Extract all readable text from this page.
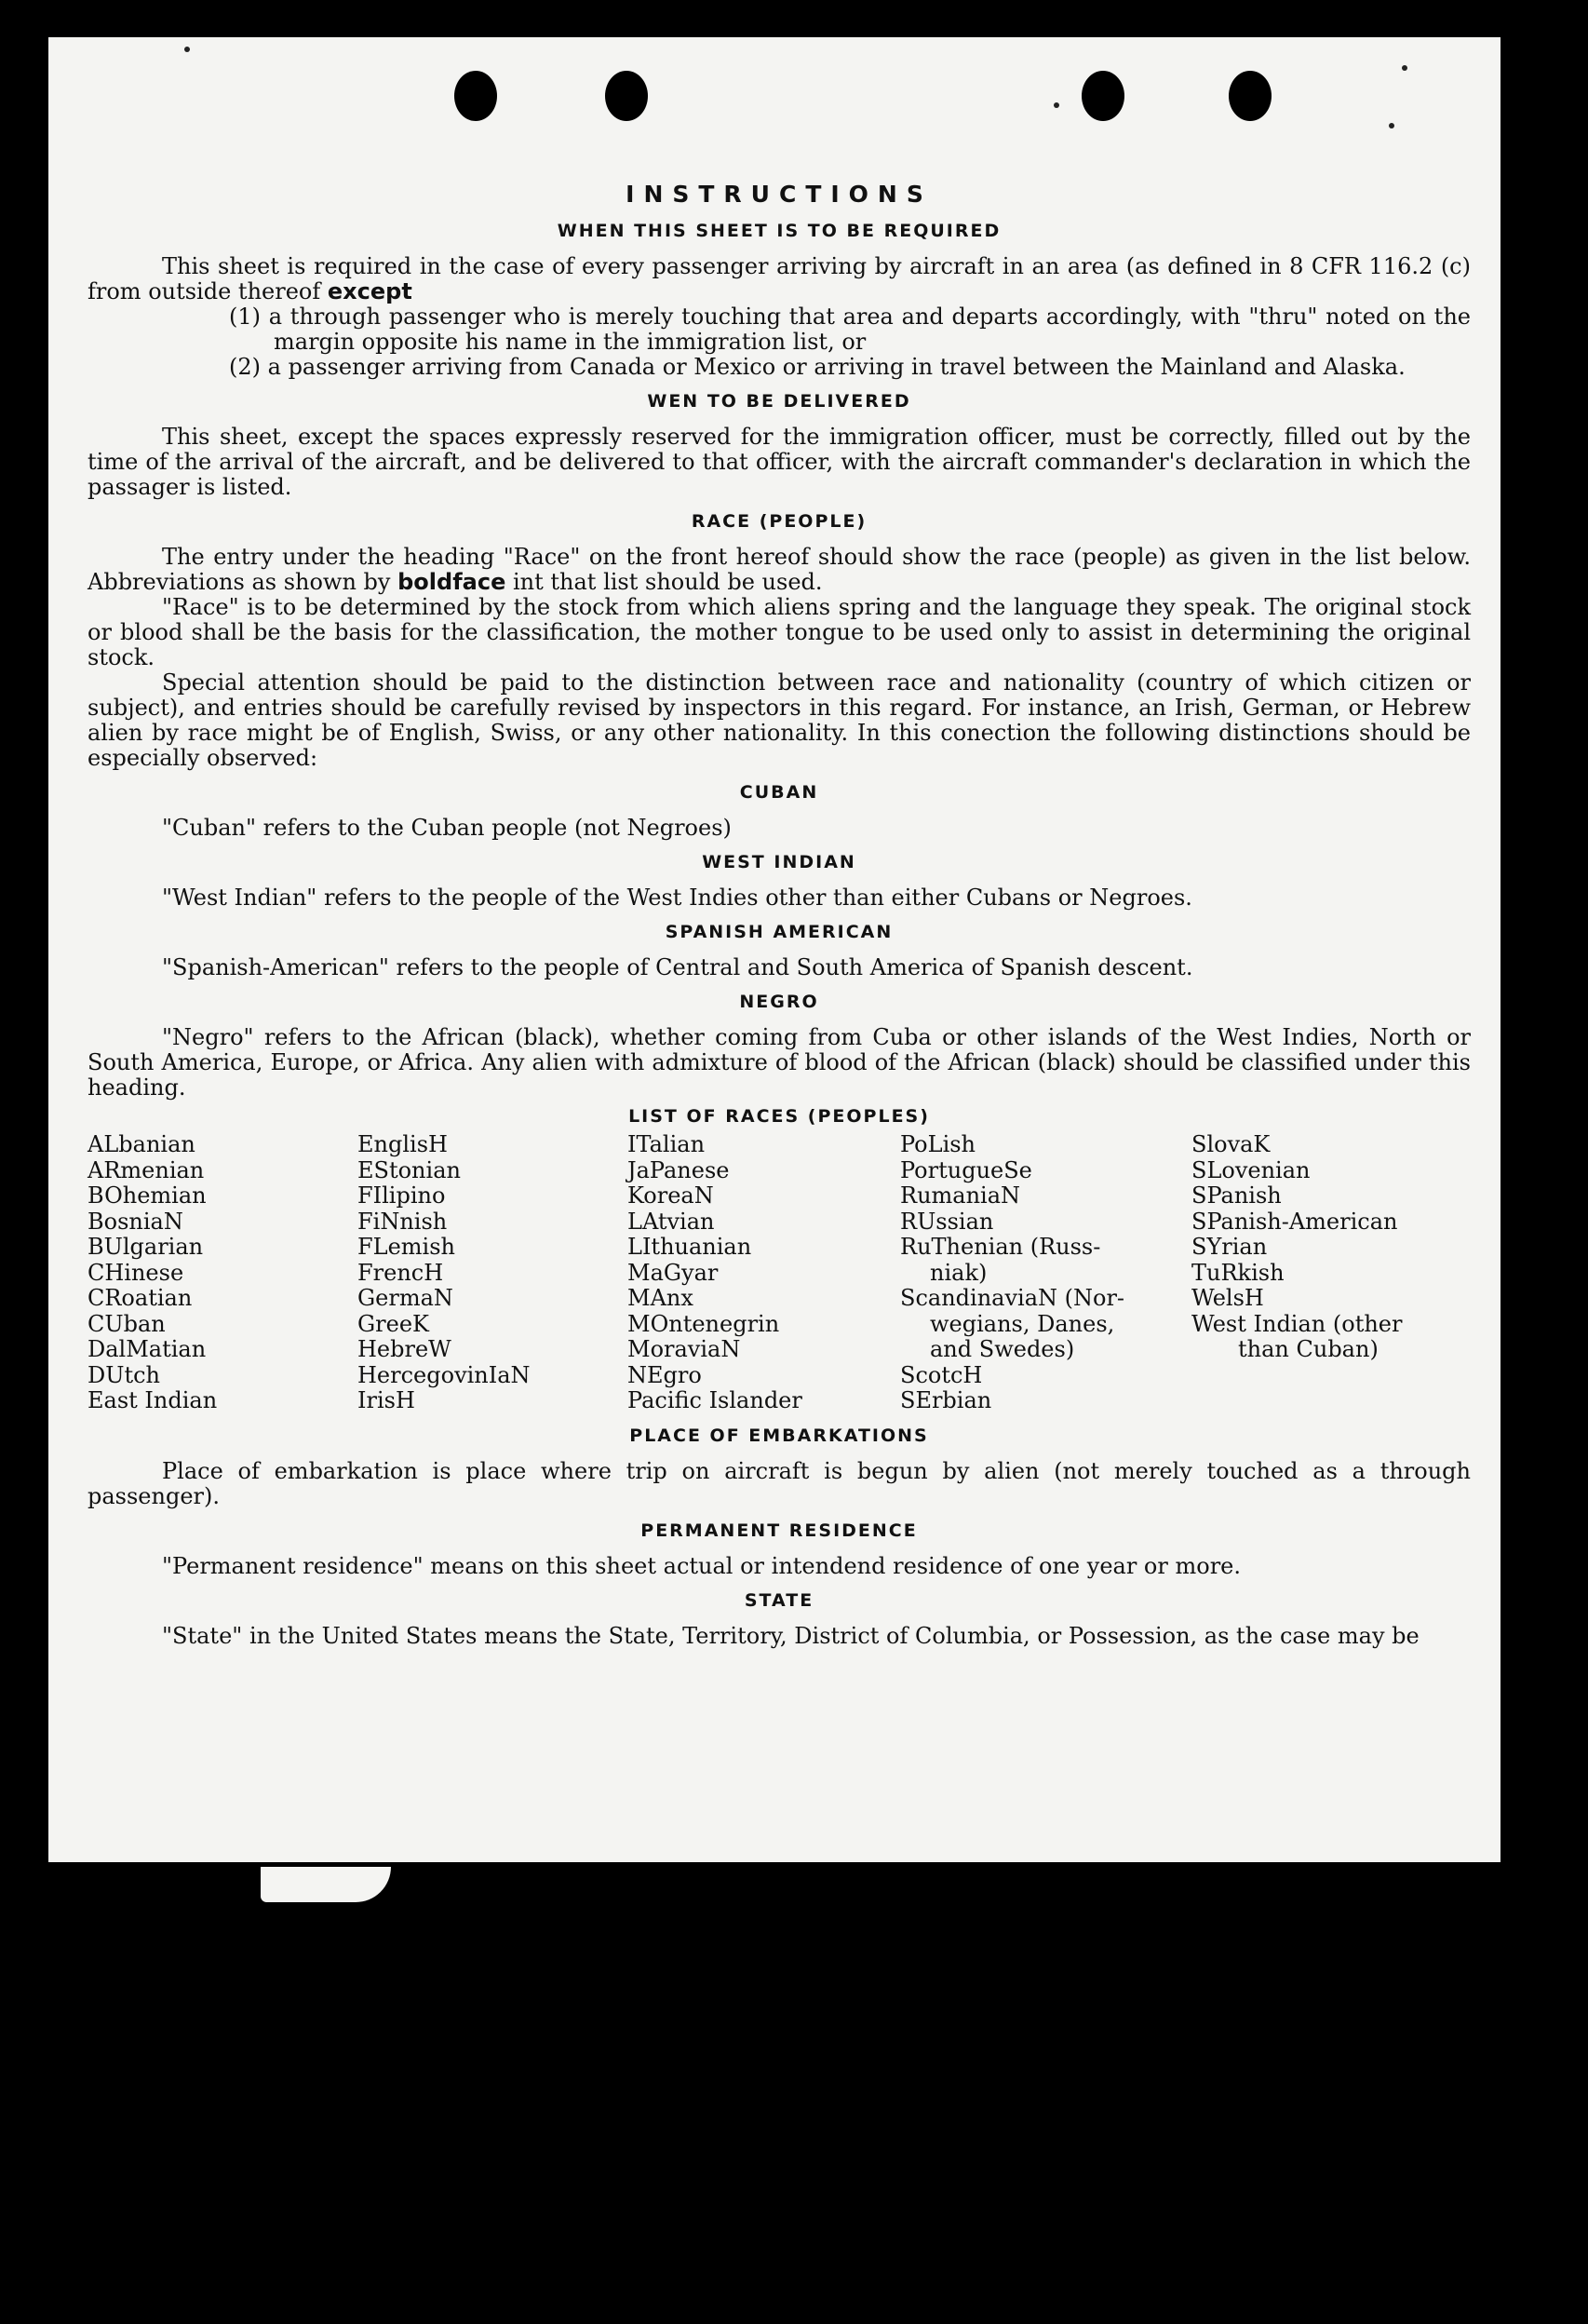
INSTRUCTIONS
WHEN THIS SHEET IS TO BE REQUIRED

This sheet is required in the case of every passenger arriving by aircraft in an area (as defined in 8 CFR 116.2 (c) from outside thereof except

(1) a through passenger who is merely touching that area and departs accordingly, with "thru" noted on the margin opposite his name in the immigration list, or

(2) a passenger arriving from Canada or Mexico or arriving in travel between the Mainland and Alaska.

WEN TO BE DELIVERED

This sheet, except the spaces expressly reserved for the immigration officer, must be correctly, filled out by the time of the arrival of the aircraft, and be delivered to that officer, with the aircraft commander's declaration in which the passager is listed.

RACE (PEOPLE)

The entry under the heading "Race" on the front hereof should show the race (people) as given in the list below. Abbreviations as shown by boldface int that list should be used.

"Race" is to be determined by the stock from which aliens spring and the language they speak. The original stock or blood shall be the basis for the classification, the mother tongue to be used only to assist in determining the original stock.

Special attention should be paid to the distinction between race and nationality (country of which citizen or subject), and entries should be carefully revised by inspectors in this regard. For instance, an Irish, German, or Hebrew alien by race might be of English, Swiss, or any other nationality. In this conection the following distinctions should be especially observed:

CUBAN
"Cuban" refers to the Cuban people (not Negroes)
WEST INDIAN
"West Indian" refers to the people of the West Indies other than either Cubans or Negroes.
SPANISH AMERICAN
"Spanish-American" refers to the people of Central and South America of Spanish descent.
NEGRO

"Negro" refers to the African (black), whether coming from Cuba or other islands of the West Indies, North or South America, Europe, or Africa. Any alien with admixture of blood of the African (black) should be classified under this heading.

LIST OF RACES (PEOPLES)
ALbanian
ARmenian
BOhemian
BosniaN
BUlgarian
CHinese
CRoatian
CUban
DalMatian
DUtch
East Indian
EnglisH
EStonian
FIlipino
FiNnish
FLemish
FrencH
GermaN
GreeK
HebreW
HercegovinIaN
IrisH
ITalian
JaPanese
KoreaN
LAtvian
LIthuanian
MaGyar
MAnx
MOntenegrin
MoraviaN
NEgro
Pacific Islander
PoLish
PortugueSe
RumaniaN
RUssian
RuThenian (Russ-
niak)
ScandinaviaN (Nor-
wegians, Danes,
and Swedes)
ScotcH
SErbian
SlovaK
SLovenian
SPanish
SPanish-American
SYrian
TuRkish
WelsH
West Indian (other
than Cuban)
PLACE OF EMBARKATIONS

Place of embarkation is place where trip on aircraft is begun by alien (not merely touched as a through passenger).

PERMANENT RESIDENCE
"Permanent residence" means on this sheet actual or intendend residence of one year or more.
STATE

"State" in the United States means the State, Territory, District of Columbia, or Possession, as the case may be
